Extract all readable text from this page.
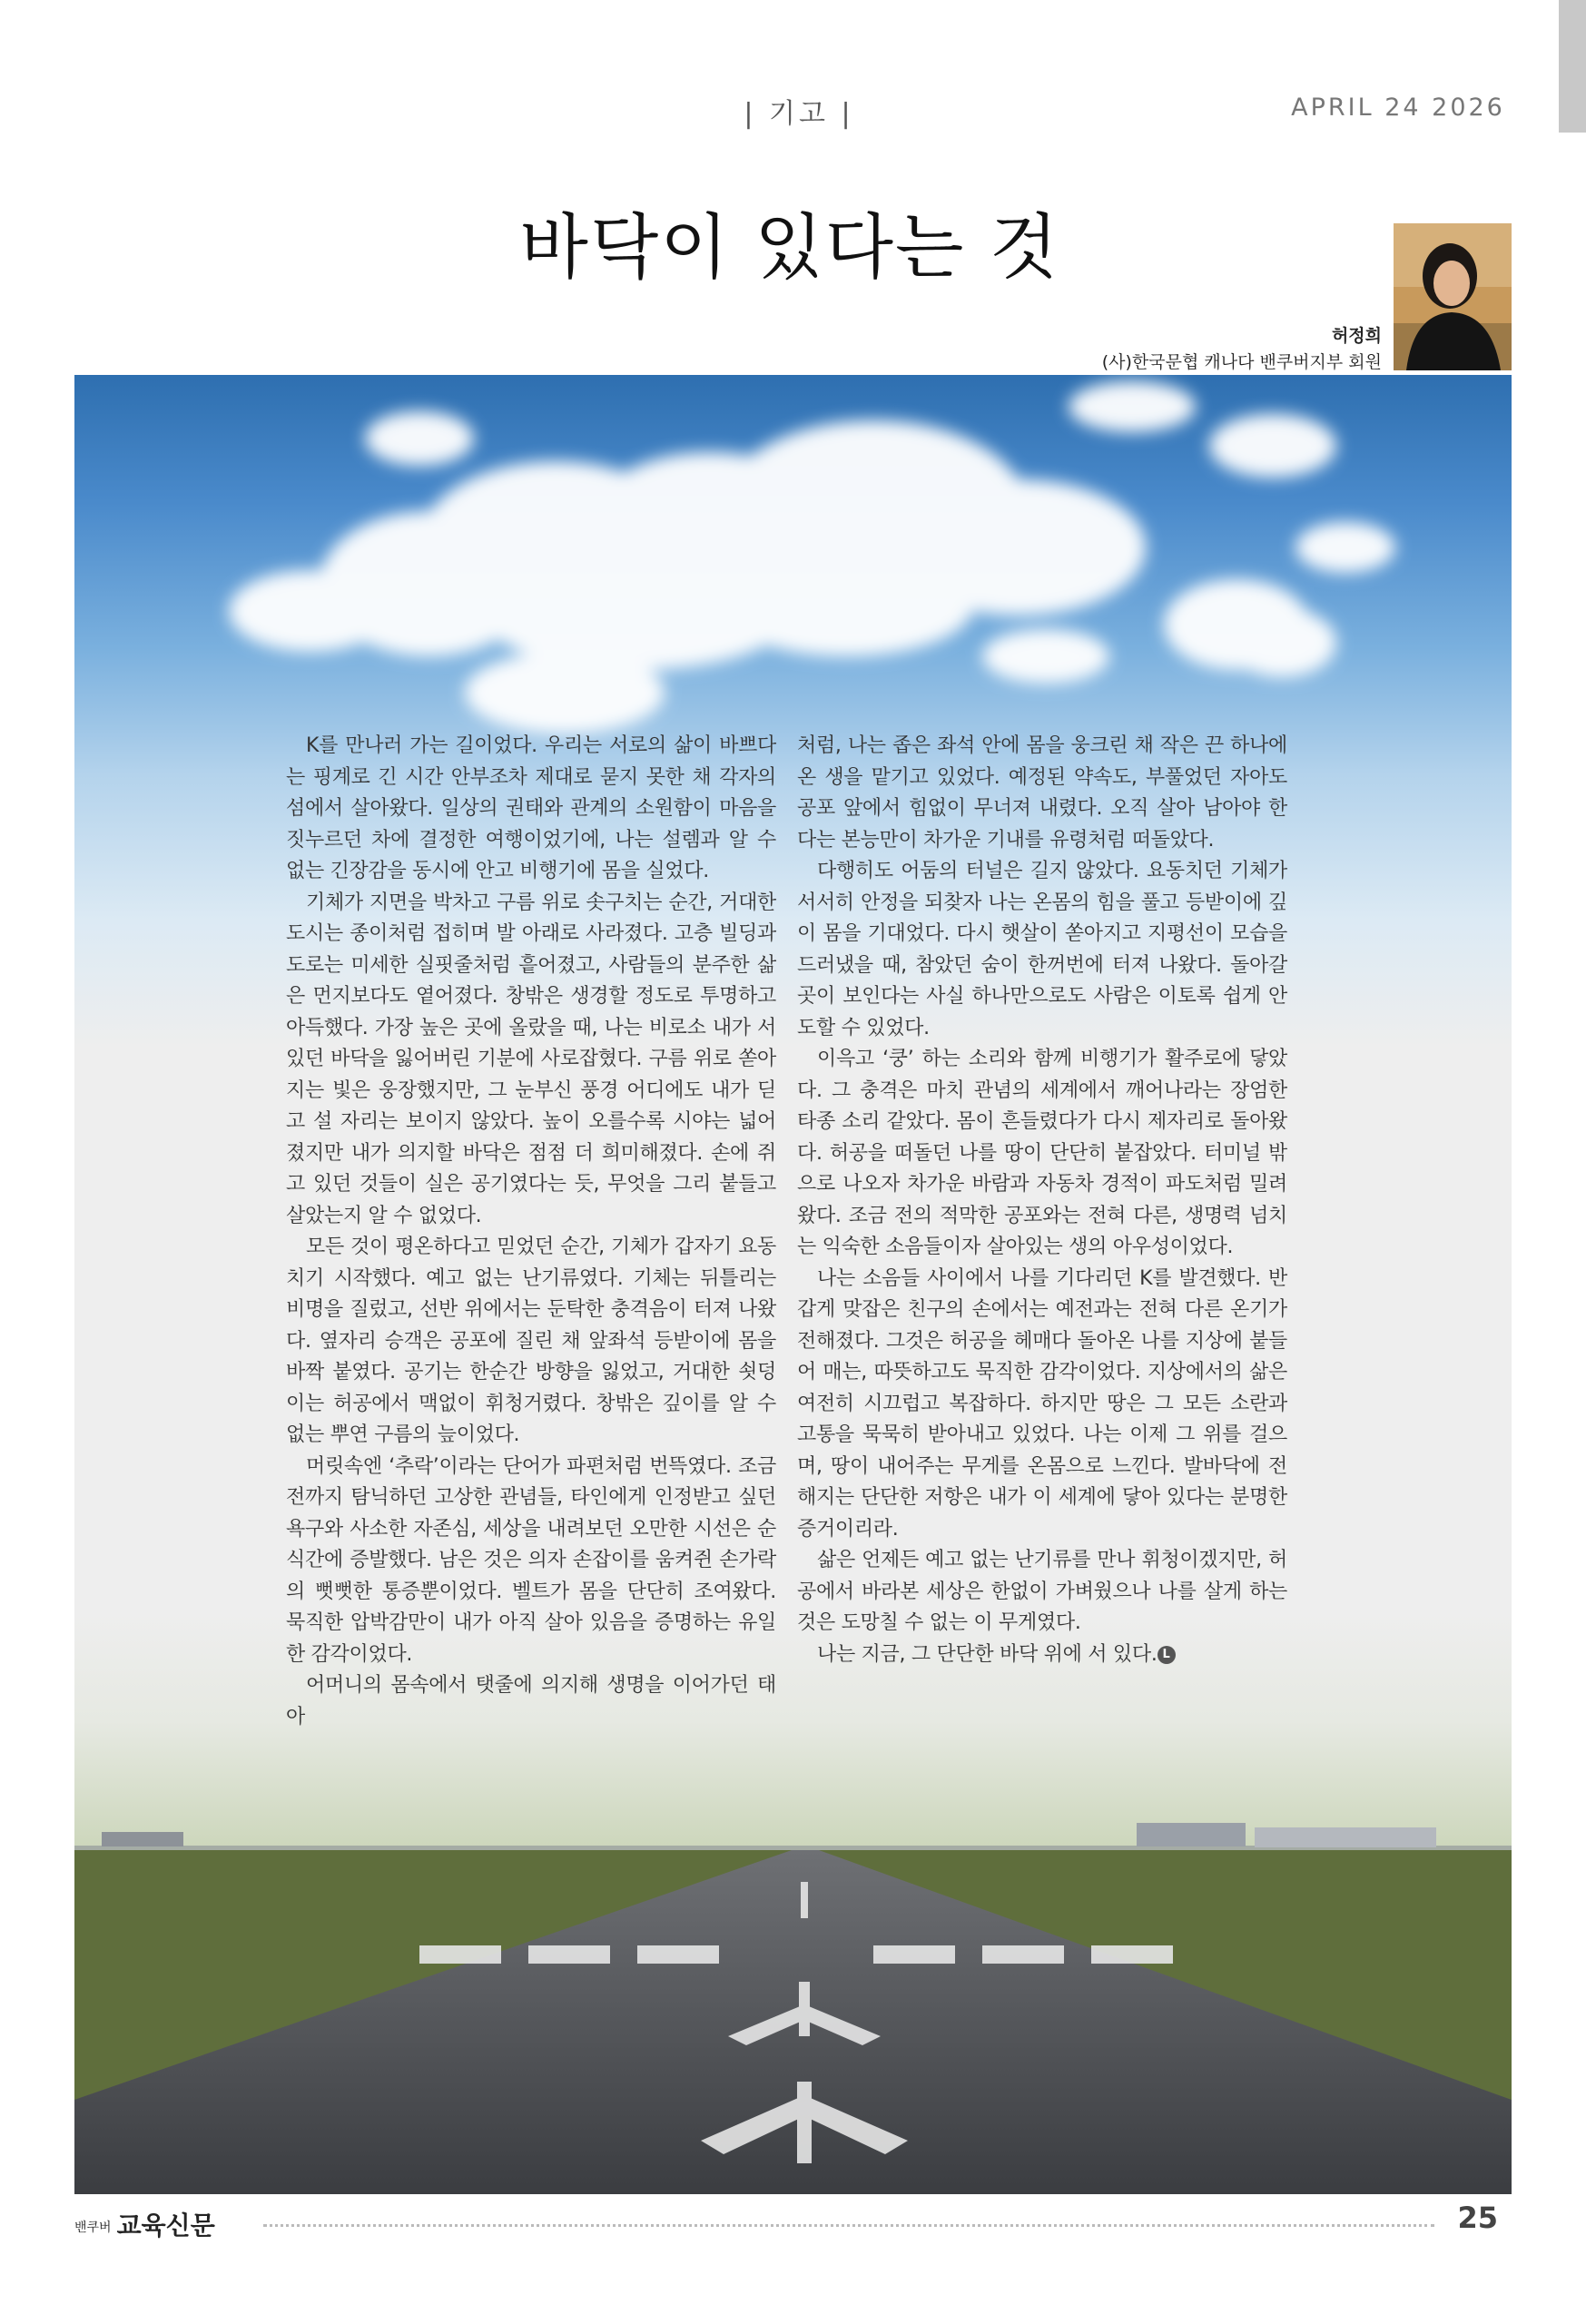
| 기고 |	APRIL 24 2026
바닥이 있다는 것
허정희
(사)한국문협 캐나다 밴쿠버지부 회원

K를 만나러 가는 길이었다. 우리는 서로의 삶이 바쁘다는 핑계로 긴 시간 안부조차 제대로 묻지 못한 채 각자의 섬에서 살아왔다. 일상의 권태와 관계의 소원함이 마음을 짓누르던 차에 결정한 여행이었기에, 나는 설렘과 알 수 없는 긴장감을 동시에 안고 비행기에 몸을 실었다.

기체가 지면을 박차고 구름 위로 솟구치는 순간, 거대한 도시는 종이처럼 접히며 발 아래로 사라졌다. 고층 빌딩과 도로는 미세한 실핏줄처럼 흩어졌고, 사람들의 분주한 삶은 먼지보다도 옅어졌다. 창밖은 생경할 정도로 투명하고 아득했다. 가장 높은 곳에 올랐을 때, 나는 비로소 내가 서 있던 바닥을 잃어버린 기분에 사로잡혔다. 구름 위로 쏟아지는 빛은 웅장했지만, 그 눈부신 풍경 어디에도 내가 딛고 설 자리는 보이지 않았다. 높이 오를수록 시야는 넓어졌지만 내가 의지할 바닥은 점점 더 희미해졌다. 손에 쥐고 있던 것들이 실은 공기였다는 듯, 무엇을 그리 붙들고 살았는지 알 수 없었다.

모든 것이 평온하다고 믿었던 순간, 기체가 갑자기 요동치기 시작했다. 예고 없는 난기류였다. 기체는 뒤틀리는 비명을 질렀고, 선반 위에서는 둔탁한 충격음이 터져 나왔다. 옆자리 승객은 공포에 질린 채 앞좌석 등받이에 몸을 바짝 붙였다. 공기는 한순간 방향을 잃었고, 거대한 쇳덩이는 허공에서 맥없이 휘청거렸다. 창밖은 깊이를 알 수 없는 뿌연 구름의 늪이었다.

머릿속엔 ‘추락’이라는 단어가 파편처럼 번뜩였다. 조금 전까지 탐닉하던 고상한 관념들, 타인에게 인정받고 싶던 욕구와 사소한 자존심, 세상을 내려보던 오만한 시선은 순식간에 증발했다. 남은 것은 의자 손잡이를 움켜쥔 손가락의 뻣뻣한 통증뿐이었다. 벨트가 몸을 단단히 조여왔다. 묵직한 압박감만이 내가 아직 살아 있음을 증명하는 유일한 감각이었다.

어머니의 몸속에서 탯줄에 의지해 생명을 이어가던 태아

처럼, 나는 좁은 좌석 안에 몸을 웅크린 채 작은 끈 하나에 온 생을 맡기고 있었다. 예정된 약속도, 부풀었던 자아도 공포 앞에서 힘없이 무너져 내렸다. 오직 살아 남아야 한다는 본능만이 차가운 기내를 유령처럼 떠돌았다.

다행히도 어둠의 터널은 길지 않았다. 요동치던 기체가 서서히 안정을 되찾자 나는 온몸의 힘을 풀고 등받이에 깊이 몸을 기대었다. 다시 햇살이 쏟아지고 지평선이 모습을 드러냈을 때, 참았던 숨이 한꺼번에 터져 나왔다. 돌아갈 곳이 보인다는 사실 하나만으로도 사람은 이토록 쉽게 안도할 수 있었다.

이윽고 ‘쿵’ 하는 소리와 함께 비행기가 활주로에 닿았다. 그 충격은 마치 관념의 세계에서 깨어나라는 장엄한 타종 소리 같았다. 몸이 흔들렸다가 다시 제자리로 돌아왔다. 허공을 떠돌던 나를 땅이 단단히 붙잡았다. 터미널 밖으로 나오자 차가운 바람과 자동차 경적이 파도처럼 밀려왔다. 조금 전의 적막한 공포와는 전혀 다른, 생명력 넘치는 익숙한 소음들이자 살아있는 생의 아우성이었다.

나는 소음들 사이에서 나를 기다리던 K를 발견했다. 반갑게 맞잡은 친구의 손에서는 예전과는 전혀 다른 온기가 전해졌다. 그것은 허공을 헤매다 돌아온 나를 지상에 붙들어 매는, 따뜻하고도 묵직한 감각이었다. 지상에서의 삶은 여전히 시끄럽고 복잡하다. 하지만 땅은 그 모든 소란과 고통을 묵묵히 받아내고 있었다. 나는 이제 그 위를 걸으며, 땅이 내어주는 무게를 온몸으로 느낀다. 발바닥에 전해지는 단단한 저항은 내가 이 세계에 닿아 있다는 분명한 증거이리라.

삶은 언제든 예고 없는 난기류를 만나 휘청이겠지만, 허공에서 바라본 세상은 한없이 가벼웠으나 나를 살게 하는 것은 도망칠 수 없는 이 무게였다.

나는 지금, 그 단단한 바닥 위에 서 있다. L

밴쿠버 교육신문	25
